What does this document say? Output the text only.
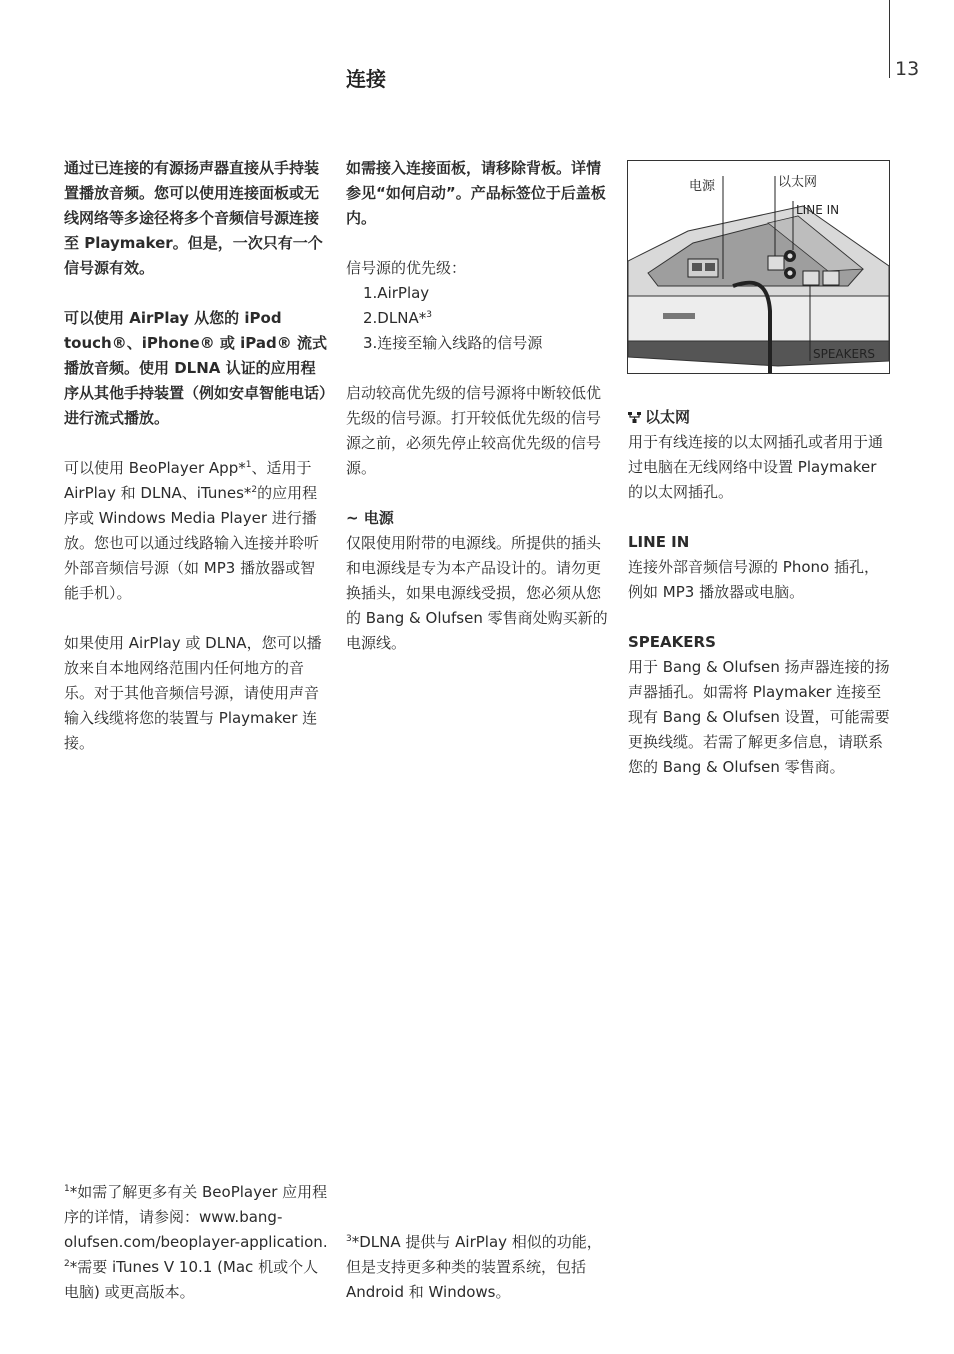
13
连接

通过已连接的有源扬声器直接从手持装置播放音频。您可以使用连接面板或无线网络等多途径将多个音频信号源连接至 Playmaker。但是，一次只有一个信号源有效。

可以使用 AirPlay 从您的 iPod touch®、iPhone® 或 iPad® 流式播放音频。使用 DLNA 认证的应用程序从其他手持装置（例如安卓智能电话）进行流式播放。

可以使用 BeoPlayer App*$^1$、适用于 AirPlay 和 DLNA、iTunes*$^2$的应用程序或 Windows Media Player 进行播放。您也可以通过线路输入连接并聆听外部音频信号源（如 MP3 播放器或智能手机）。

如果使用 AirPlay 或 DLNA，您可以播放来自本地网络范围内任何地方的音乐。对于其他音频信号源，请使用声音输入线缆将您的装置与 Playmaker 连接。

如需接入连接面板，请移除背板。详情参见“如何启动”。产品标签位于后盖板内。

信号源的优先级：
1.AirPlay
2.DLNA*$^3$
3.连接至输入线路的信号源

启动较高优先级的信号源将中断较低优先级的信号源。打开较低优先级的信号源之前，必须先停止较高优先级的信号源。

~ 电源

仅限使用附带的电源线。所提供的插头和电源线是专为本产品设计的。请勿更换插头，如果电源线受损，您必须从您的 Bang & Olufsen 零售商处购买新的电源线。

电源	以太网
LINE IN
SPEAKERS
以太网

用于有线连接的以太网插孔或者用于通过电脑在无线网络中设置 Playmaker 的以太网插孔。

LINE IN

连接外部音频信号源的 Phono 插孔，例如 MP3 播放器或电脑。

SPEAKERS

用于 Bang & Olufsen 扬声器连接的扬声器插孔。如需将 Playmaker 连接至现有 Bang & Olufsen 设置，可能需要更换线缆。若需了解更多信息，请联系您的 Bang & Olufsen 零售商。

$^1$*如需了解更多有关 BeoPlayer 应用程序的详情，请参阅：www.bang-olufsen.com/beoplayer-application.
$^2$*需要 iTunes V 10.1 (Mac 机或个人电脑) 或更高版本。
$^3$*DLNA 提供与 AirPlay 相似的功能，但是支持更多种类的装置系统，包括 Android 和 Windows。
